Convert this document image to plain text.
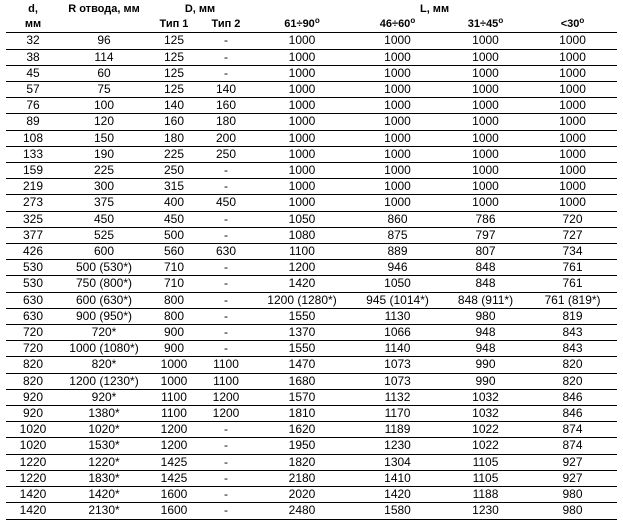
d,	R отвода, мм	D, мм		L, мм			
мм		Тип 1	Тип 2	$61\div 90^o$	$46\div 60^o$	$31\div 45^o$	$<30^o$
32	96	125	-	1000	1000	1000	1000
38	114	125	-	1000	1000	1000	1000
45	60	125	-	1000	1000	1000	1000
57	75	125	140	1000	1000	1000	1000
76	100	140	160	1000	1000	1000	1000
89	120	160	180	1000	1000	1000	1000
108	150	180	200	1000	1000	1000	1000
133	190	225	250	1000	1000	1000	1000
159	225	250	-	1000	1000	1000	1000
219	300	315	-	1000	1000	1000	1000
273	375	400	450	1000	1000	1000	1000
325	450	450	-	1050	860	786	720
377	525	500	-	1080	875	797	727
426	600	560	630	1100	889	807	734
530	500 (530*)	710	-	1200	946	848	761
530	750 (800*)	710	-	1420	1050	848	761
630	600 (630*)	800	-	1200 (1280*)	945 (1014*)	848 (911*)	761 (819*)
630	900 (950*)	800	-	1550	1130	980	819
720	720*	900	-	1370	1066	948	843
720	1000 (1080*)	900	-	1550	1140	948	843
820	820*	1000	1100	1470	1073	990	820
820	1200 (1230*)	1000	1100	1680	1073	990	820
920	920*	1100	1200	1570	1132	1032	846
920	1380*	1100	1200	1810	1170	1032	846
1020	1020*	1200	-	1620	1189	1022	874
1020	1530*	1200	-	1950	1230	1022	874
1220	1220*	1425	-	1820	1304	1105	927
1220	1830*	1425	-	2180	1410	1105	927
1420	1420*	1600	-	2020	1420	1188	980
1420	2130*	1600	-	2480	1580	1230	980
